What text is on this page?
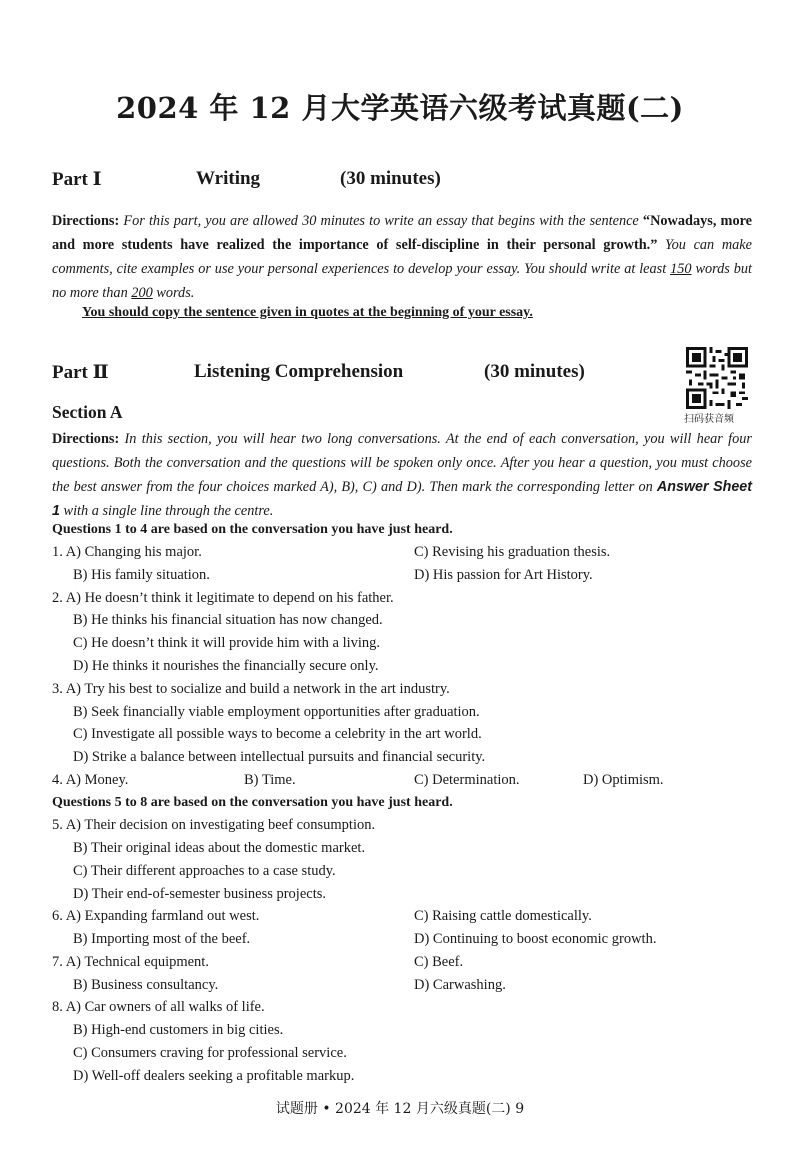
2024 年 12 月大学英语六级考试真题(二)
Part Ⅰ	Writing	(30 minutes)
Directions: For this part, you are allowed 30 minutes to write an essay that begins with the sentence “Nowadays, more and more students have realized the importance of self-discipline in their personal growth.” You can make comments, cite examples or use your personal experiences to develop your essay. You should write at least 150 words but no more than 200 words.
You should copy the sentence given in quotes at the beginning of your essay.
Part Ⅱ	Listening Comprehension	(30 minutes)
扫码获音频
Section A
Directions: In this section, you will hear two long conversations. At the end of each conversation, you will hear four questions. Both the conversation and the questions will be spoken only once. After you hear a question, you must choose the best answer from the four choices marked A), B), C) and D). Then mark the corresponding letter on Answer Sheet 1 with a single line through the centre.
Questions 1 to 4 are based on the conversation you have just heard.
1. A) Changing his major.	C) Revising his graduation thesis.
B) His family situation.	D) His passion for Art History.
2. A) He doesn’t think it legitimate to depend on his father.
B) He thinks his financial situation has now changed.
C) He doesn’t think it will provide him with a living.
D) He thinks it nourishes the financially secure only.
3. A) Try his best to socialize and build a network in the art industry.
B) Seek financially viable employment opportunities after graduation.
C) Investigate all possible ways to become a celebrity in the art world.
D) Strike a balance between intellectual pursuits and financial security.
4. A) Money.	B) Time.	C) Determination.	D) Optimism.
Questions 5 to 8 are based on the conversation you have just heard.
5. A) Their decision on investigating beef consumption.
B) Their original ideas about the domestic market.
C) Their different approaches to a case study.
D) Their end-of-semester business projects.
6. A) Expanding farmland out west.	C) Raising cattle domestically.
B) Importing most of the beef.	D) Continuing to boost economic growth.
7. A) Technical equipment.	C) Beef.
B) Business consultancy.	D) Carwashing.
8. A) Car owners of all walks of life.
B) High-end customers in big cities.
C) Consumers craving for professional service.
D) Well-off dealers seeking a profitable markup.
试题册 • 2024 年 12 月六级真题(二) 9
